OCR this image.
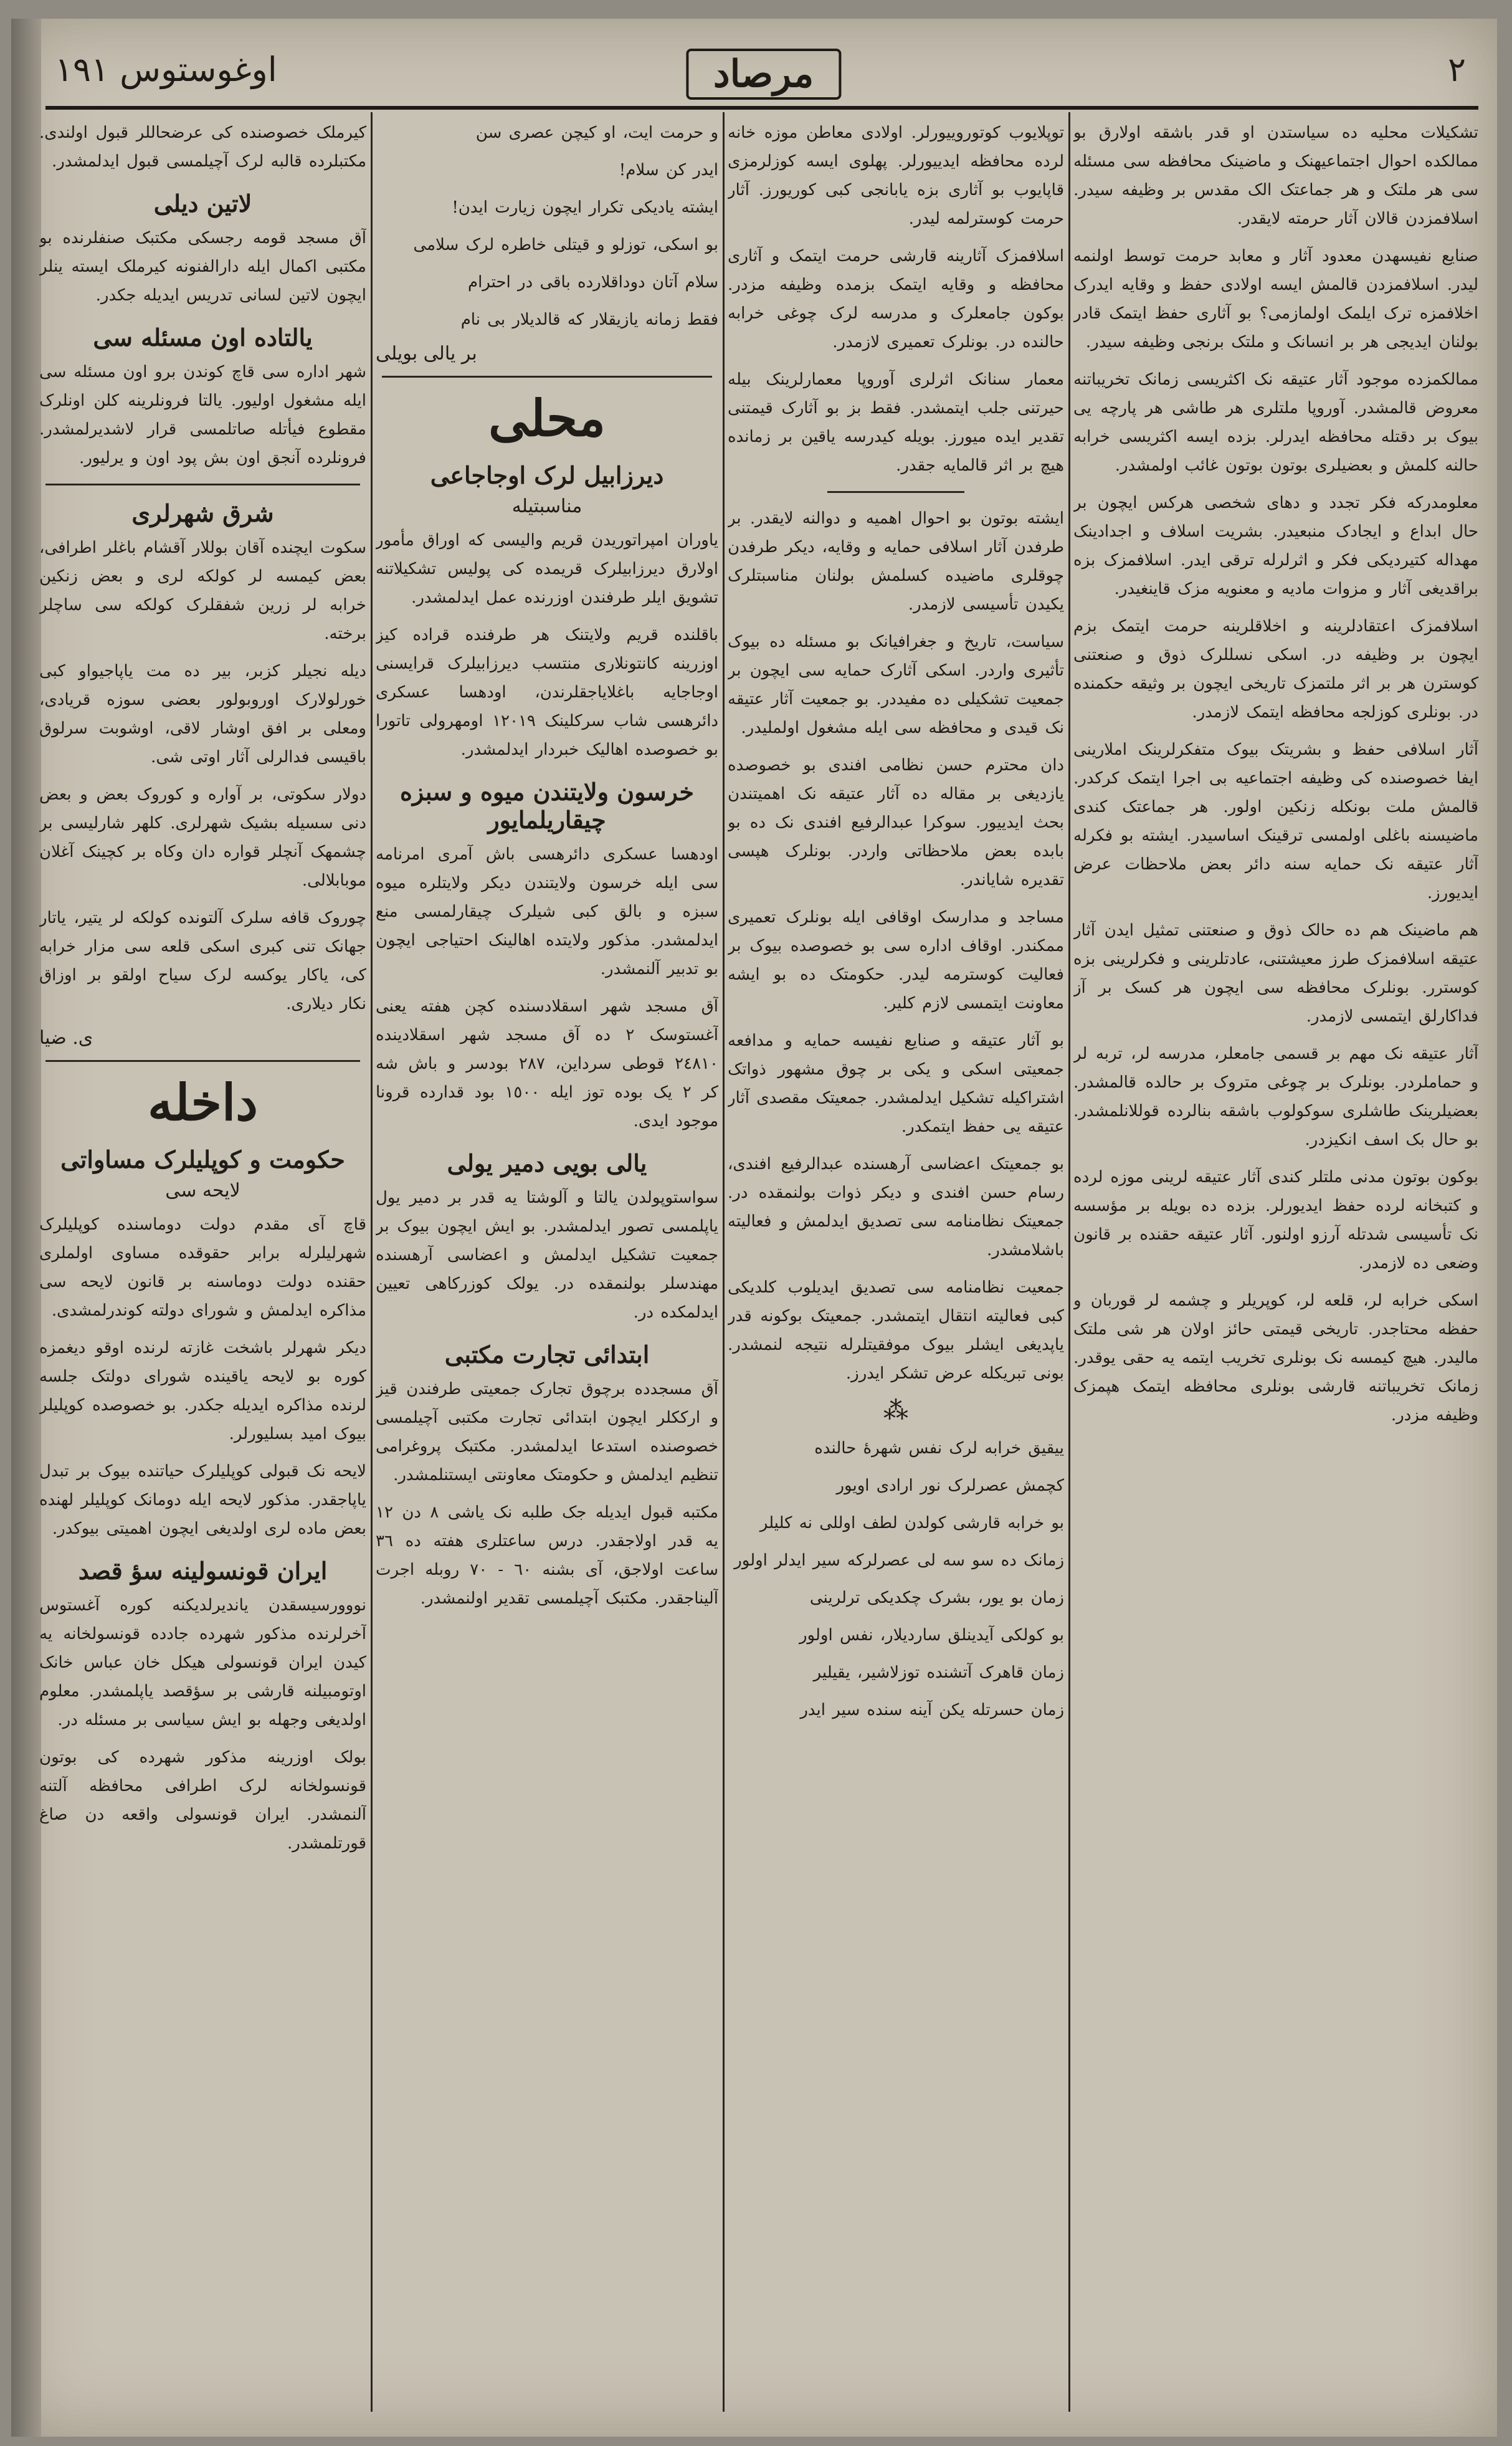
٢
مرصاد
اوغوستوس ١٩١

تشکیلات محلیه ده سیاستدن او قدر باشقه اولارق بو ممالکده احوال اجتماعیهنک و ماضینک محافظه سی مسئله سی هر ملتک و هر جماعتک الک مقدس بر وظیفه سیدر. اسلافمزدن قالان آثار حرمته لایقدر.

صنایع نفیسهدن معدود آثار و معابد حرمت توسط اولنمه لیدر. اسلافمزدن قالمش ایسه اولادی حفظ و وقایه ایدرک اخلافمزه ترک ایلمک اولمازمی؟ بو آثاری حفظ ایتمک قادر بولنان ایدیجی هر بر انسانک و ملتک برنجی وظیفه سیدر.

ممالکمزده موجود آثار عتیقه نک اکثریسی زمانک تخریباتنه معروض قالمشدر. آوروپا ملتلری هر طاشی هر پارچه یی بیوک بر دقتله محافظه ایدرلر. بزده ایسه اکثریسی خرابه حالنه کلمش و بعضیلری بوتون بوتون غائب اولمشدر.

معلومدرکه فکر تجدد و دهای شخصی هرکس ایچون بر حال ابداع و ایجادک منبعیدر. بشریت اسلاف و اجدادینک مهداله کتیردیکی فکر و اثرلرله ترقی ایدر. اسلافمزک بزه براقدیغی آثار و مزوات مادیه و معنویه مزک قاینغیدر.

اسلافمزک اعتقادلرینه و اخلاقلرینه حرمت ایتمک بزم ایچون بر وظیفه در. اسکی نسللرک ذوق و صنعتنی کوسترن هر بر اثر ملتمزک تاریخی ایچون بر وثیقه حکمنده در. بونلری کوزلجه محافظه ایتمک لازمدر.

آثار اسلافی حفظ و بشریتک بیوک متفکرلرینک املارینی ایفا خصوصنده کی وظیفه اجتماعیه بی اجرا ایتمک کرکدر. قالمش ملت بونکله زنکین اولور. هر جماعتک کندی ماضیسنه باغلی اولمسی ترقینک اساسیدر. ایشته بو فکرله آثار عتیقه نک حمایه سنه دائر بعض ملاحظات عرض ایدیورز.

هم ماضینک هم ده حالک ذوق و صنعتنی تمثیل ایدن آثار عتیقه اسلافمزک طرز معیشتنی، عادتلرینی و فکرلرینی بزه کوسترر. بونلرک محافظه سی ایچون هر کسک بر آز فداکارلق ایتمسی لازمدر.

آثار عتیقه نک مهم بر قسمی جامعلر، مدرسه لر، تربه لر و حماملردر. بونلرک بر چوغی متروک بر حالده قالمشدر. بعضیلرینک طاشلری سوکولوب باشقه بنالرده قوللانلمشدر. بو حال بک اسف انکیزدر.

بوکون بوتون مدنی ملتلر کندی آثار عتیقه لرینی موزه لرده و کتبخانه لرده حفظ ایدیورلر. بزده ده بویله بر مؤسسه نک تأسیسی شدتله آرزو اولنور. آثار عتیقه حقنده بر قانون وضعی ده لازمدر.

اسکی خرابه لر، قلعه لر، کوپریلر و چشمه لر قوربان و حفظه محتاجدر. تاریخی قیمتی حائز اولان هر شی ملتک مالیدر. هیچ کیمسه نک بونلری تخریب ایتمه یه حقی یوقدر. زمانک تخریباتنه قارشی بونلری محافظه ایتمک هپمزک وظیفه مزدر.

توپلایوب کوتوروییورلر. اولادی معاطن موزه خانه لرده محافظه ایدییورلر. پهلوی ایسه کوزلرمزی قاپایوب بو آثاری بزه یابانجی کبی کوریورز. آثار حرمت کوسترلمه لیدر.

اسلافمزک آثارینه قارشی حرمت ایتمک و آثاری محافظه و وقایه ایتمک بزمده وظیفه مزدر. بوکون جامعلرک و مدرسه لرک چوغی خرابه حالنده در. بونلرک تعمیری لازمدر.

معمار سنانک اثرلری آوروپا معمارلرینک بیله حیرتنی جلب ایتمشدر. فقط بز بو آثارک قیمتنی تقدیر ایده میورز. بویله کیدرسه یاقین بر زمانده هیچ بر اثر قالمایه جقدر.

ایشته بوتون بو احوال اهمیه و دوالنه لایقدر. بر طرفدن آثار اسلافی حمایه و وقایه، دیکر طرفدن چوقلری ماضیده کسلمش بولنان مناسبتلرک یکیدن تأسیسی لازمدر.

سیاست، تاریخ و جغرافیانک بو مسئله ده بیوک تأثیری واردر. اسکی آثارک حمایه سی ایچون بر جمعیت تشکیلی ده مفیددر. بو جمعیت آثار عتیقه نک قیدی و محافظه سی ایله مشغول اولملیدر.

دان محترم حسن نظامی افندی بو خصوصده یازدیغی بر مقاله ده آثار عتیقه نک اهمیتندن بحث ایدییور. سوکرا عبدالرفیع افندی نک ده بو بابده بعض ملاحظاتی واردر. بونلرک هپسی تقدیره شایاندر.

مساجد و مدارسک اوقافی ایله بونلرک تعمیری ممکندر. اوقاف اداره سی بو خصوصده بیوک بر فعالیت کوسترمه لیدر. حکومتک ده بو ایشه معاونت ایتمسی لازم کلیر.

بو آثار عتیقه و صنایع نفیسه حمایه و مدافعه جمعیتی اسکی و یکی بر چوق مشهور ذواتک اشتراکیله تشکیل ایدلمشدر. جمعیتک مقصدی آثار عتیقه یی حفظ ایتمکدر.

بو جمعیتک اعضاسی آرهسنده عبدالرفیع افندی، رسام حسن افندی و دیکر ذوات بولنمقده در. جمعیتک نظامنامه سی تصدیق ایدلمش و فعالیته باشلامشدر.

جمعیت نظامنامه سی تصدیق ایدیلوب کلدیکی کبی فعالیته انتقال ایتمشدر. جمعیتک بوکونه قدر یاپدیغی ایشلر بیوک موفقیتلرله نتیجه لنمشدر. بونی تبریکله عرض تشکر ایدرز.

⁂

ییقیق خرابه لرک نفس شهرهٔ حالنده

کچمش عصرلرک نور ارادی اویور

بو خرابه قارشی کولدن لطف اوللی نه کلیلر

زمانک ده سو سه لی عصرلرکه سیر ایدلر اولور

زمان بو یور، بشرک چکدیکی ترلرینی

بو کولکی آیدینلق ساردیلار، نفس اولور

زمان قاهرک آتشنده توزلاشیر، یقیلیر

زمان حسرتله یکن آینه سنده سیر ایدر

و حرمت ایت، او کیچن عصری سن

ایدر کن سلام!

ایشته یادیکی تکرار ایچون زیارت ایدن!

بو اسکی، توزلو و قیتلی خاطره لرک سلامی

سلام آتان دوداقلارده باقی در احترام

فقط زمانه یازیقلار که قالدیلار بی نام

بر یالی بویلی
محلی
دیرزابیل لرک اوجاجاعی
مناسبتیله

یاوران امپراتوریدن قریم والیسی که اوراق مأمور اولارق دیرزابیلرک قریمده کی پولیس تشکیلاتنه تشویق ایلر طرفندن اوزرنده عمل ایدلمشدر.

باقلنده قریم ولایتنک هر طرفنده قراده کیز اوزرینه کانتونلاری منتسب دیرزابیلرک قرایسنی اوجاجایه باغلایاجقلرندن، اودهسا عسکری دائرهسی شاب سرکلینک ١٢٠١٩ اومهرولی تاتورا بو خصوصده اهالیک خبردار ایدلمشدر.

خرسون ولایتندن میوه و سبزه چیقاریلمایور

اودهسا عسکری دائرهسی باش آمری امرنامه سی ایله خرسون ولایتندن دیکر ولایتلره میوه سبزه و بالق کبی شیلرک چیقارلمسی منع ایدلمشدر. مذکور ولایتده اهالینک احتیاجی ایچون بو تدبیر آلنمشدر.

آق مسجد شهر اسقلادسنده کچن هفته یعنی آغستوسک ٢ ده آق مسجد شهر اسقلادینده ٢٤٨١٠ قوطی سرداین، ٢٨٧ بودسر و باش شه کر ٢ یک بوده توز ایله ١٥٠٠ بود قدارده قرونا موجود ایدی.

یالی بویی دمیر یولی

سواستوپولدن یالتا و آلوشتا یه قدر بر دمیر یول یاپلمسی تصور ایدلمشدر. بو ایش ایچون بیوک بر جمعیت تشکیل ایدلمش و اعضاسی آرهسنده مهندسلر بولنمقده در. یولک کوزرکاهی تعیین ایدلمکده در.

ابتدائی تجارت مکتبی

آق مسجدده برچوق تجارک جمعیتی طرفندن قیز و ارککلر ایچون ابتدائی تجارت مکتبی آچیلمسی خصوصنده استدعا ایدلمشدر. مکتبک پروغرامی تنظیم ایدلمش و حکومتک معاونتی ایستنلمشدر.

مکتبه قبول ایدیله جک طلبه نک یاشی ٨ دن ١٢ یه قدر اولاجقدر. درس ساعتلری هفته ده ٣٦ ساعت اولاجق، آی بشنه ٦٠ - ٧٠ روبله اجرت آلیناجقدر. مکتبک آچیلمسی تقدیر اولنمشدر.

کیرملک خصوصنده کی عرضحاللر قبول اولندی. مکتبلرده قالبه لرک آچیلمسی قبول ایدلمشدر.

لاتین دیلی

آق مسجد قومه رجسکی مکتبک صنفلرنده بو مکتبی اکمال ایله دارالفنونه کیرملک ایسته ینلر ایچون لاتین لسانی تدریس ایدیله جکدر.

یالتاده اون مسئله سی

شهر اداره سی قاچ کوندن برو اون مسئله سی ایله مشغول اولیور. یالتا فرونلرینه کلن اونلرک مقطوع فیأتله صاتلمسی قرار لاشدیرلمشدر. فرونلرده آنجق اون بش پود اون و یرلیور.

شرق شهرلری

سکوت ایچنده آقان بوللار آقشام باغلر اطرافی، بعض کیمسه لر کولکه لری و بعض زنکین خرابه لر زرین شفقلرک کولکه سی ساچلر برخته.

دیله نجیلر کزبر، بیر ده مت یاپاجیواو کبی خورلولارک اوروبولور بعضی سوزه قریادی، ومعلی بر افق اوشار لاقی، اوشوبت سرلوق باقیسی فدالرلی آثار اوتی شی.

دولار سکوتی، بر آواره و کوروک بعض و بعض دنی سسیله بشیک شهرلری. کلهر شارلیسی بر چشمهک آنچلر قواره دان وکاه بر کچینک آغلان موبابلالی.

چوروک قافه سلرک آلتونده کولکه لر یتیر، یاتار جهانک تنی کبری اسکی قلعه سی مزار خرابه کی، یاکار یوکسه لرک سیاح اولقو بر اوزاق نکار دیلاری.

ی. ضیا
داخله
حکومت و کوپلیلرک مساواتی
لایحه سی

قاچ آی مقدم دولت دوماسنده کوپلیلرک شهرلیلرله برابر حقوقده مساوی اولملری حقنده دولت دوماسنه بر قانون لایحه سی مذاکره ایدلمش و شورای دولته کوندرلمشدی.

دیکر شهرلر باشخت غازته لرنده اوقو دیغمزه کوره بو لایحه یاقینده شورای دولتک جلسه لرنده مذاکره ایدیله جکدر. بو خصوصده کوپلیلر بیوک امید بسلیورلر.

لایحه نک قبولی کوپلیلرک حیاتنده بیوک بر تبدل یاپاجقدر. مذکور لایحه ایله دومانک کوپلیلر لهنده بعض ماده لری اولدیغی ایچون اهمیتی بیوکدر.

ایران قونسولینه سؤ قصد

نووورسیسقدن یاندیرلدیکنه کوره آغستوس آخرلرنده مذکور شهرده جادده قونسولخانه یه کیدن ایران قونسولی هیکل خان عباس خانک اوتومبیلنه قارشی بر سؤقصد یاپلمشدر. معلوم اولدیغی وجهله بو ایش سیاسی بر مسئله در.

بولک اوزرینه مذکور شهرده کی بوتون قونسولخانه لرک اطرافی محافظه آلتنه آلنمشدر. ایران قونسولی واقعه دن صاغ قورتلمشدر.
